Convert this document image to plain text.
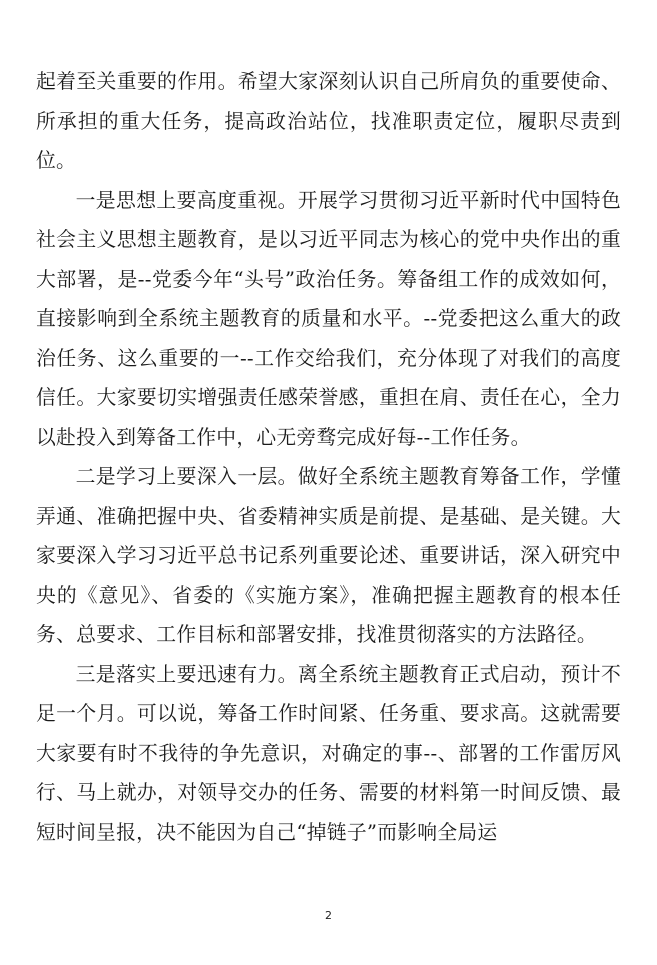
起着至关重要的作用。希望大家深刻认识自己所肩负的重要使命、所承担的重大任务，提高政治站位，找准职责定位，履职尽责到位。

一是思想上要高度重视。开展学习贯彻习近平新时代中国特色社会主义思想主题教育，是以习近平同志为核心的党中央作出的重大部署，是--党委今年“头号”政治任务。筹备组工作的成效如何，直接影响到全系统主题教育的质量和水平。--党委把这么重大的政治任务、这么重要的一--工作交给我们，充分体现了对我们的高度信任。大家要切实增强责任感荣誉感，重担在肩、责任在心，全力以赴投入到筹备工作中，心无旁骛完成好每--工作任务。

二是学习上要深入一层。做好全系统主题教育筹备工作，学懂弄通、准确把握中央、省委精神实质是前提、是基础、是关键。大家要深入学习习近平总书记系列重要论述、重要讲话，深入研究中央的《意见》、省委的《实施方案》，准确把握主题教育的根本任务、总要求、工作目标和部署安排，找准贯彻落实的方法路径。

三是落实上要迅速有力。离全系统主题教育正式启动，预计不足一个月。可以说，筹备工作时间紧、任务重、要求高。这就需要大家要有时不我待的争先意识，对确定的事--、部署的工作雷厉风行、马上就办，对领导交办的任务、需要的材料第一时间反馈、最短时间呈报，决不能因为自己“掉链子”而影响全局运

2
